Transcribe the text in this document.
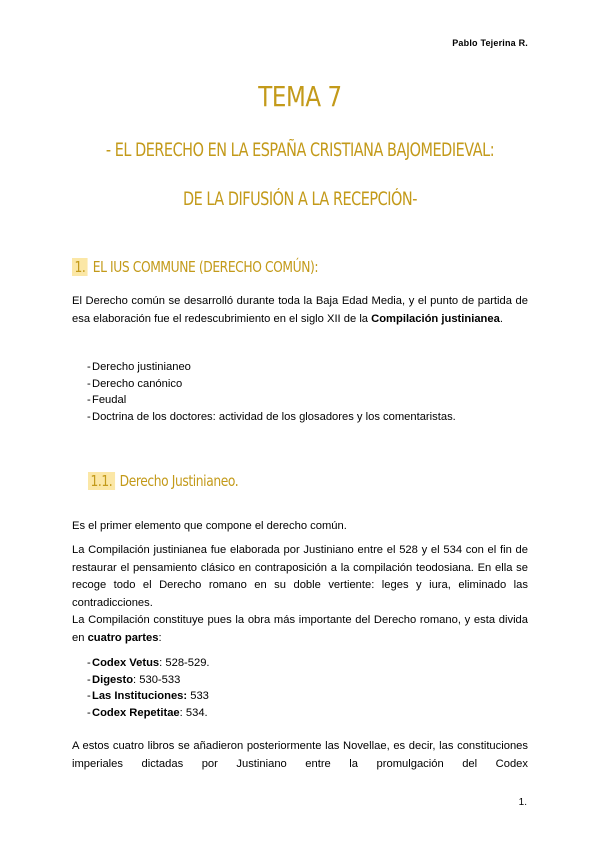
Pablo Tejerina R.
TEMA 7
- EL DERECHO EN LA ESPAÑA CRISTIANA BAJOMEDIEVAL:
DE LA DIFUSIÓN A LA RECEPCIÓN-
1. EL IUS COMMUNE (DERECHO COMÚN):
El Derecho común se desarrolló durante toda la Baja Edad Media, y el punto de partida de esa elaboración fue el redescubrimiento en el siglo XII de la Compilación justinianea.
- Derecho justinianeo
- Derecho canónico
- Feudal
- Doctrina de los doctores: actividad de los glosadores y los comentaristas.
1.1. Derecho Justinianeo.
Es el primer elemento que compone el derecho común.
La Compilación justinianea fue elaborada por Justiniano entre el 528 y el 534 con el fin de restaurar el pensamiento clásico en contraposición a la compilación teodosiana. En ella se recoge todo el Derecho romano en su doble vertiente: leges y iura, eliminado las contradicciones.
La Compilación constituye pues la obra más importante del Derecho romano, y esta divida en cuatro partes:
- Codex Vetus: 528-529.
- Digesto: 530-533
- Las Instituciones: 533
- Codex Repetitae: 534.
A estos cuatro libros se añadieron posteriormente las Novellae, es decir, las constituciones imperiales dictadas por Justiniano entre la promulgación del Codex
1.
